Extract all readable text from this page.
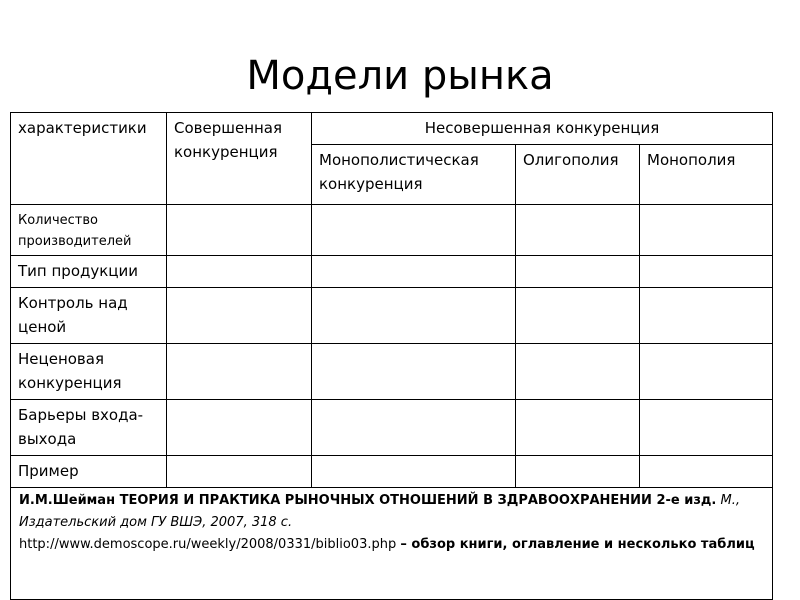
Модели рынка
характеристики	Совершенная конкуренция	Несовершенная конкуренция		
		Монополистическая конкуренция	Олигополия	Монополия
Количество производителей				
Тип продукции				
Контроль над ценой				
Неценовая конкуренция				
Барьеры входа-выхода				
Пример				
И.М.Шейман ТЕОРИЯ И ПРАКТИКА РЫНОЧНЫХ ОТНОШЕНИЙ В ЗДРАВООХРАНЕНИИ 2-е изд. М., Издательский дом ГУ ВШЭ, 2007, 318 с.
http://www.demoscope.ru/weekly/2008/0331/biblio03.php – обзор книги, оглавление и несколько таблиц				
